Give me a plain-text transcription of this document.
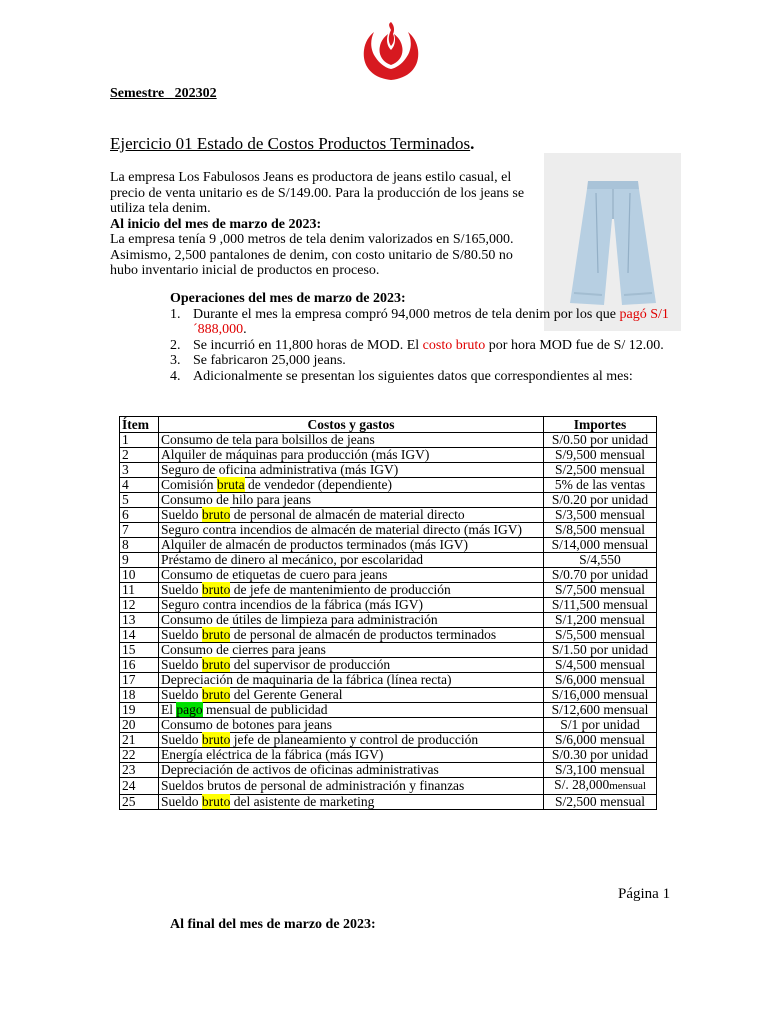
Semestre_ 202302
Ejercicio 01 Estado de Costos Productos Terminados.

La empresa Los Fabulosos Jeans es productora de jeans estilo casual, el precio de venta unitario es de S/149.00. Para la producción de los jeans se utiliza tela denim.

Al inicio del mes de marzo de 2023:

La empresa tenía 9 ,000 metros de tela denim valorizados en S/165,000.

Asimismo, 2,500 pantalones de denim, con costo unitario de S/80.50 no hubo inventario inicial de productos en proceso.

Operaciones del mes de marzo de 2023:
1. Durante el mes la empresa compró 94,000 metros de tela denim por los que pagó S/1´888,000.
2. Se incurrió en 11,800 horas de MOD. El costo bruto por hora MOD fue de S/ 12.00.
3. Se fabricaron 25,000 jeans.
4. Adicionalmente se presentan los siguientes datos que correspondientes al mes:
Ítem	Costos y gastos	Importes
1	Consumo de tela para bolsillos de jeans	S/0.50 por unidad
2	Alquiler de máquinas para producción (más IGV)	S/9,500 mensual
3	Seguro de oficina administrativa (más IGV)	S/2,500 mensual
4	Comisión bruta de vendedor (dependiente)	5% de las ventas
5	Consumo de hilo para jeans	S/0.20 por unidad
6	Sueldo bruto de personal de almacén de material directo	S/3,500 mensual
7	Seguro contra incendios de almacén de material directo (más IGV)	S/8,500 mensual
8	Alquiler de almacén de productos terminados (más IGV)	S/14,000 mensual
9	Préstamo de dinero al mecánico, por escolaridad	S/4,550
10	Consumo de etiquetas de cuero para jeans	S/0.70 por unidad
11	Sueldo bruto de jefe de mantenimiento de producción	S/7,500 mensual
12	Seguro contra incendios de la fábrica (más IGV)	S/11,500 mensual
13	Consumo de útiles de limpieza para administración	S/1,200 mensual
14	Sueldo bruto de personal de almacén de productos terminados	S/5,500 mensual
15	Consumo de cierres para jeans	S/1.50 por unidad
16	Sueldo bruto del supervisor de producción	S/4,500 mensual
17	Depreciación de maquinaria de la fábrica (línea recta)	S/6,000 mensual
18	Sueldo bruto del Gerente General	S/16,000 mensual
19	El pago mensual de publicidad	S/12,600 mensual
20	Consumo de botones para jeans	S/1 por unidad
21	Sueldo bruto jefe de planeamiento y control de producción	S/6,000 mensual
22	Energía eléctrica de la fábrica (más IGV)	S/0.30 por unidad
23	Depreciación de activos de oficinas administrativas	S/3,100 mensual
24	Sueldos brutos de personal de administración y finanzas	S/. 28,000mensual
25	Sueldo bruto del asistente de marketing	S/2,500 mensual
Página 1
Al final del mes de marzo de 2023:
